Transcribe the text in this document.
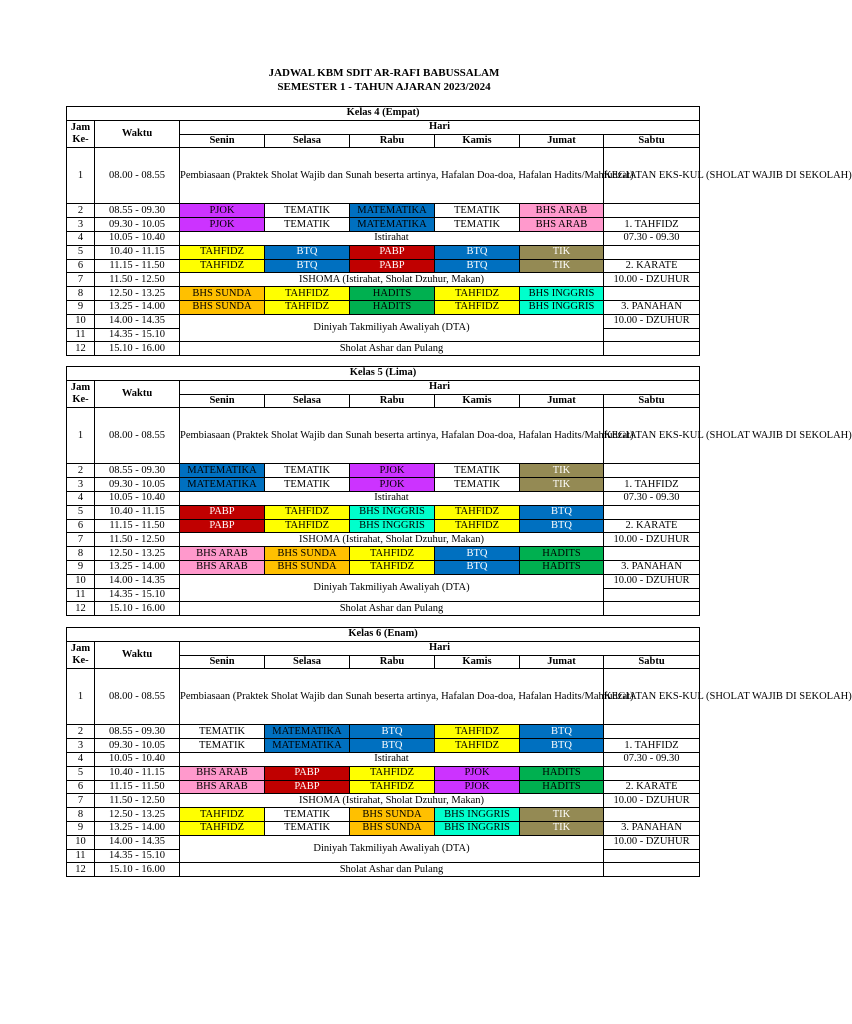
JADWAL KBM SDIT AR-RAFI BABUSSALAM
SEMESTER 1 - TAHUN AJARAN 2023/2024
Kelas 4 (Empat)							
Jam Ke-	Waktu	Hari					
		Senin	Selasa	Rabu	Kamis	Jumat	Sabtu
1	08.00 - 08.55	Pembiasaan (Praktek Sholat Wajib dan Sunah beserta artinya, Hafalan Doa-doa, Hafalan Hadits/Mahfudzat)					KEGIATAN EKS-KUL (SHOLAT WAJIB DI SEKOLAH)
2	08.55 - 09.30	PJOK	TEMATIK	MATEMATIKA	TEMATIK	BHS ARAB	
3	09.30 - 10.05	PJOK	TEMATIK	MATEMATIKA	TEMATIK	BHS ARAB	1. TAHFIDZ
4	10.05 - 10.40	Istirahat					07.30 - 09.30
5	10.40 - 11.15	TAHFIDZ	BTQ	PABP	BTQ	TIK	
6	11.15 - 11.50	TAHFIDZ	BTQ	PABP	BTQ	TIK	2. KARATE
7	11.50 - 12.50	ISHOMA (Istirahat, Sholat Dzuhur, Makan)					10.00 - DZUHUR
8	12.50 - 13.25	BHS SUNDA	TAHFIDZ	HADITS	TAHFIDZ	BHS INGGRIS	
9	13.25 - 14.00	BHS SUNDA	TAHFIDZ	HADITS	TAHFIDZ	BHS INGGRIS	3. PANAHAN
10	14.00 - 14.35	Diniyah Takmiliyah Awaliyah (DTA)					10.00 - DZUHUR
11	14.35 - 15.10						
12	15.10 - 16.00	Sholat Ashar dan Pulang					
Kelas 5 (Lima)							
Jam Ke-	Waktu	Hari					
		Senin	Selasa	Rabu	Kamis	Jumat	Sabtu
1	08.00 - 08.55	Pembiasaan (Praktek Sholat Wajib dan Sunah beserta artinya, Hafalan Doa-doa, Hafalan Hadits/Mahfudzat)					KEGIATAN EKS-KUL (SHOLAT WAJIB DI SEKOLAH)
2	08.55 - 09.30	MATEMATIKA	TEMATIK	PJOK	TEMATIK	TIK	
3	09.30 - 10.05	MATEMATIKA	TEMATIK	PJOK	TEMATIK	TIK	1. TAHFIDZ
4	10.05 - 10.40	Istirahat					07.30 - 09.30
5	10.40 - 11.15	PABP	TAHFIDZ	BHS INGGRIS	TAHFIDZ	BTQ	
6	11.15 - 11.50	PABP	TAHFIDZ	BHS INGGRIS	TAHFIDZ	BTQ	2. KARATE
7	11.50 - 12.50	ISHOMA (Istirahat, Sholat Dzuhur, Makan)					10.00 - DZUHUR
8	12.50 - 13.25	BHS ARAB	BHS SUNDA	TAHFIDZ	BTQ	HADITS	
9	13.25 - 14.00	BHS ARAB	BHS SUNDA	TAHFIDZ	BTQ	HADITS	3. PANAHAN
10	14.00 - 14.35	Diniyah Takmiliyah Awaliyah (DTA)					10.00 - DZUHUR
11	14.35 - 15.10						
12	15.10 - 16.00	Sholat Ashar dan Pulang					
Kelas 6 (Enam)							
Jam Ke-	Waktu	Hari					
		Senin	Selasa	Rabu	Kamis	Jumat	Sabtu
1	08.00 - 08.55	Pembiasaan (Praktek Sholat Wajib dan Sunah beserta artinya, Hafalan Doa-doa, Hafalan Hadits/Mahfudzat)					KEGIATAN EKS-KUL (SHOLAT WAJIB DI SEKOLAH)
2	08.55 - 09.30	TEMATIK	MATEMATIKA	BTQ	TAHFIDZ	BTQ	
3	09.30 - 10.05	TEMATIK	MATEMATIKA	BTQ	TAHFIDZ	BTQ	1. TAHFIDZ
4	10.05 - 10.40	Istirahat					07.30 - 09.30
5	10.40 - 11.15	BHS ARAB	PABP	TAHFIDZ	PJOK	HADITS	
6	11.15 - 11.50	BHS ARAB	PABP	TAHFIDZ	PJOK	HADITS	2. KARATE
7	11.50 - 12.50	ISHOMA (Istirahat, Sholat Dzuhur, Makan)					10.00 - DZUHUR
8	12.50 - 13.25	TAHFIDZ	TEMATIK	BHS SUNDA	BHS INGGRIS	TIK	
9	13.25 - 14.00	TAHFIDZ	TEMATIK	BHS SUNDA	BHS INGGRIS	TIK	3. PANAHAN
10	14.00 - 14.35	Diniyah Takmiliyah Awaliyah (DTA)					10.00 - DZUHUR
11	14.35 - 15.10						
12	15.10 - 16.00	Sholat Ashar dan Pulang					
